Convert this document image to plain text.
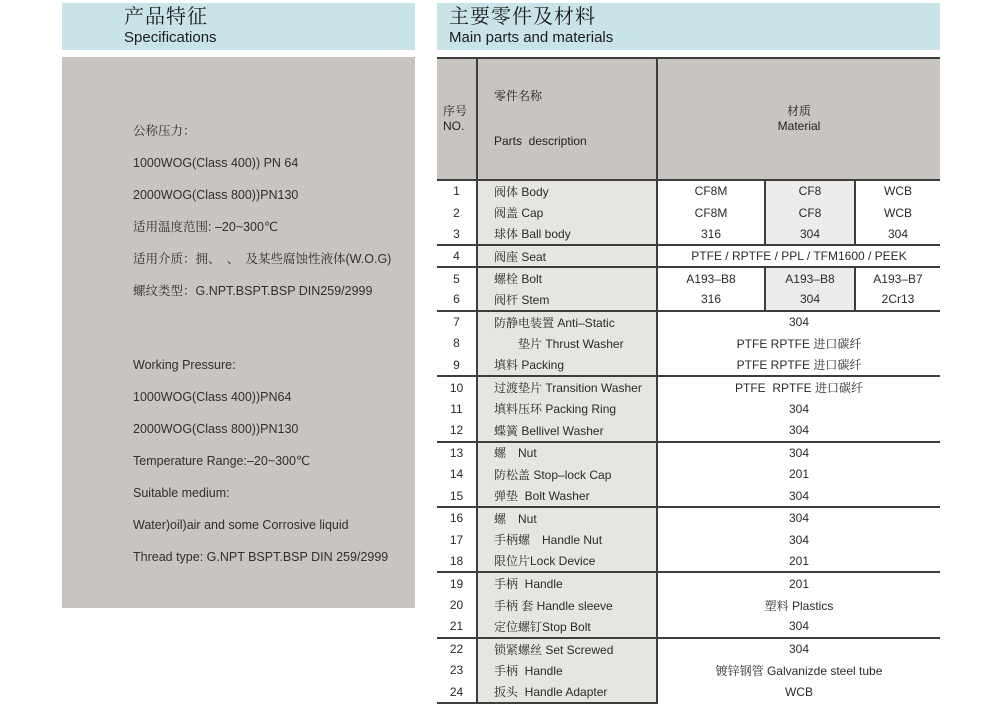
产品特征
Specifications
主要零件及材料
Main parts and materials
公称压力：
1000WOG(Class 400)) PN 64
2000WOG(Class 800))PN130
适用温度范围: –20~300℃
适用介质：拥、　、　及某些腐蚀性液体(W.O.G)
螺纹类型：G.NPT.BSPT.BSP DIN259/2999
Working Pressure:
1000WOG(Class 400))PN64
2000WOG(Class 800))PN130
Temperature Range:–20~300℃
Suitable medium:
Water)oil)air and some Corrosive liquid
Thread type: G.NPT BSPT.BSP DIN 259/2999
序号
NO.

零件名称

Parts  description

材质
Material

1	阀体 Body	CF8M	CF8	WCB
2	阀盖 Cap	CF8M	CF8	WCB
3	球体 Ball body	316	304	304
4	阀座 Seat	PTFE / RPTFE / PPL / TFM1600 / PEEK		
5	螺栓 Bolt	A193–B8	A193–B8	A193–B7
6	阀杆 Stem	316	304	2Cr13
7	防静电装置 Anti–Static	304		
8	垫片 Thrust Washer	PTFE RPTFE 进口碳纤		
9	填料 Packing	PTFE RPTFE 进口碳纤		
10	过渡垫片 Transition Washer	PTFE  RPTFE 进口碳纤		
11	填料压环 Packing Ring	304		
12	蝶簧 Bellivel Washer	304		
13	螺　Nut	304		
14	防松盖 Stop–lock Cap	201		
15	弹垫  Bolt Washer	304		
16	螺　Nut	304		
17	手柄螺　Handle Nut	304		
18	限位片Lock Device	201		
19	手柄  Handle	201		
20	手柄 套 Handle sleeve	塑料 Plastics		
21	定位螺钉Stop Bolt	304		
22	锁紧螺丝 Set Screwed	304		
23	手柄  Handle	镀锌钢管 Galvanizde steel tube		
24	扳头  Handle Adapter	WCB		
